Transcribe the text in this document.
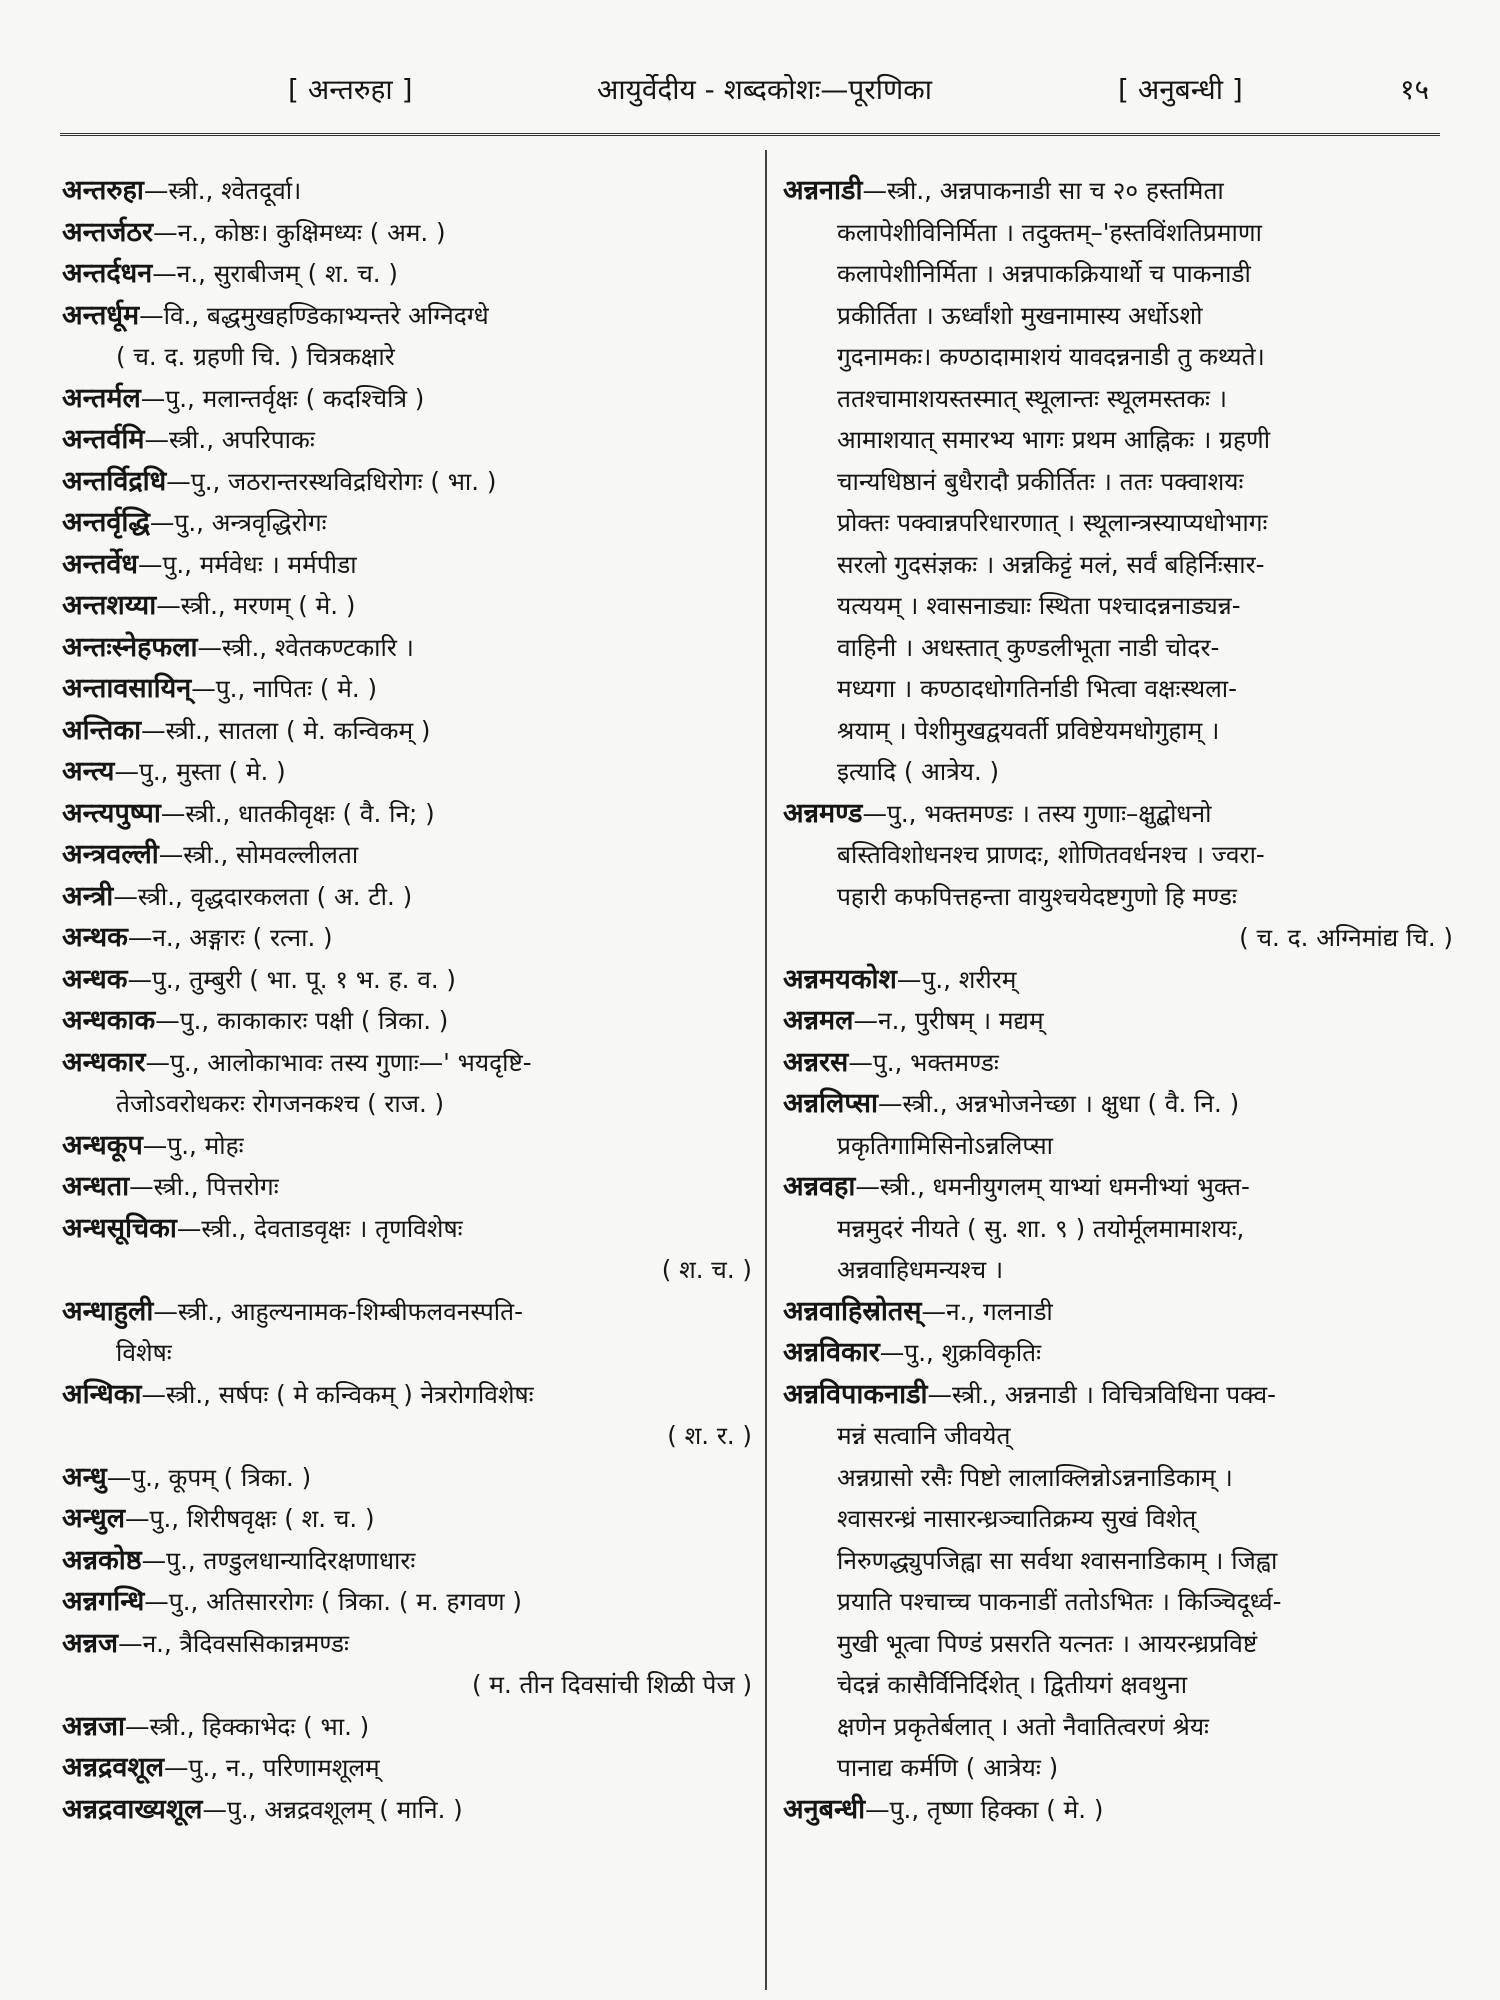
[ अन्तरुहा ]	आयुर्वेदीय - शब्दकोशः—पूरणिका	[ अनुबन्धी ]	१५
अन्तरुहा—स्त्री., श्वेतदूर्वा।
अन्तर्जठर—न., कोष्ठः। कुक्षिमध्यः ( अम. )
अन्तर्दधन—न., सुराबीजम् ( श. च. )
अन्तर्धूम—वि., बद्धमुखहण्डिकाभ्यन्तरे अग्निदग्धे
( च. द. ग्रहणी चि. ) चित्रकक्षारे
अन्तर्मल—पु., मलान्तर्वृक्षः ( कदश्चित्रि )
अन्तर्वमि—स्त्री., अपरिपाकः
अन्तर्विद्रधि—पु., जठरान्तरस्थविद्रधिरोगः ( भा. )
अन्तर्वृद्धि—पु., अन्त्रवृद्धिरोगः
अन्तर्वेध—पु., मर्मवेधः । मर्मपीडा
अन्तशय्या—स्त्री., मरणम् ( मे. )
अन्तःस्नेहफला—स्त्री., श्वेतकण्टकारि ।
अन्तावसायिन्—पु., नापितः ( मे. )
अन्तिका—स्त्री., सातला ( मे. कन्विकम् )
अन्त्य—पु., मुस्ता ( मे. )
अन्त्यपुष्पा—स्त्री., धातकीवृक्षः ( वै. नि; )
अन्त्रवल्ली—स्त्री., सोमवल्लीलता
अन्त्री—स्त्री., वृद्धदारकलता ( अ. टी. )
अन्थक—न., अङ्गारः ( रत्ना. )
अन्धक—पु., तुम्बुरी ( भा. पू. १ भ. ह. व. )
अन्धकाक—पु., काकाकारः पक्षी ( त्रिका. )
अन्धकार—पु., आलोकाभावः तस्य गुणाः—' भयदृष्टि-
तेजोऽवरोधकरः रोगजनकश्च ( राज. )
अन्धकूप—पु., मोहः
अन्धता—स्त्री., पित्तरोगः
अन्धसूचिका—स्त्री., देवताडवृक्षः । तृणविशेषः
( श. च. )
अन्धाहुली—स्त्री., आहुल्यनामक-शिम्बीफलवनस्पति-
विशेषः
अन्धिका—स्त्री., सर्षपः ( मे कन्विकम् ) नेत्ररोगविशेषः
( श. र. )
अन्धु—पु., कूपम् ( त्रिका. )
अन्धुल—पु., शिरीषवृक्षः ( श. च. )
अन्नकोष्ठ—पु., तण्डुलधान्यादिरक्षणाधारः
अन्नगन्धि—पु., अतिसाररोगः ( त्रिका. ( म. हगवण )
अन्नज—न., त्रैदिवससिकान्नमण्डः
( म. तीन दिवसांची शिळी पेज )
अन्नजा—स्त्री., हिक्काभेदः ( भा. )
अन्नद्रवशूल—पु., न., परिणामशूलम्
अन्नद्रवाख्यशूल—पु., अन्नद्रवशूलम् ( मानि. )
अन्ननाडी—स्त्री., अन्नपाकनाडी सा च २० हस्तमिता
कलापेशीविनिर्मिता । तदुक्तम्–'हस्तविंशतिप्रमाणा
कलापेशीनिर्मिता । अन्नपाकक्रियार्थो च पाकनाडी
प्रकीर्तिता । ऊर्ध्वांशो मुखनामास्य अर्धोऽशो
गुदनामकः। कण्ठादामाशयं यावदन्ननाडी तु कथ्यते।
ततश्चामाशयस्तस्मात् स्थूलान्तः स्थूलमस्तकः ।
आमाशयात् समारभ्य भागः प्रथम आह्निकः । ग्रहणी
चान्यधिष्ठानं बुधैरादौ प्रकीर्तितः । ततः पक्वाशयः
प्रोक्तः पक्वान्नपरिधारणात् । स्थूलान्त्रस्याप्यधोभागः
सरलो गुदसंज्ञकः । अन्नकिट्टं मलं, सर्वं बहिर्निःसार-
यत्ययम् । श्वासनाड्याः स्थिता पश्चादन्ननाड्यन्न-
वाहिनी । अधस्तात् कुण्डलीभूता नाडी चोदर-
मध्यगा । कण्ठादधोगतिर्नाडी भित्वा वक्षःस्थला-
श्रयाम् । पेशीमुखद्वयवर्ती प्रविष्टेयमधोगुहाम् ।
इत्यादि ( आत्रेय. )
अन्नमण्ड—पु., भक्तमण्डः । तस्य गुणाः–क्षुद्बोधनो
बस्तिविशोधनश्च प्राणदः, शोणितवर्धनश्च । ज्वरा-
पहारी कफपित्तहन्ता वायुश्चयेदष्टगुणो हि मण्डः
( च. द. अग्निमांद्य चि. )
अन्नमयकोश—पु., शरीरम्
अन्नमल—न., पुरीषम् । मद्यम्
अन्नरस—पु., भक्तमण्डः
अन्नलिप्सा—स्त्री., अन्नभोजनेच्छा । क्षुधा ( वै. नि. )
प्रकृतिगामिसिनोऽन्नलिप्सा
अन्नवहा—स्त्री., धमनीयुगलम् याभ्यां धमनीभ्यां भुक्त-
मन्नमुदरं नीयते ( सु. शा. ९ ) तयोर्मूलमामाशयः,
अन्नवाहिधमन्यश्च ।
अन्नवाहिस्रोतस्—न., गलनाडी
अन्नविकार—पु., शुक्रविकृतिः
अन्नविपाकनाडी—स्त्री., अन्ननाडी । विचित्रविधिना पक्व-
मन्नं सत्वानि जीवयेत्
अन्नग्रासो रसैः पिष्टो लालाक्लिन्नोऽन्ननाडिकाम् ।
श्वासरन्ध्रं नासारन्ध्रञ्चातिक्रम्य सुखं विशेत्
निरुणद्ध्युपजिह्वा सा सर्वथा श्वासनाडिकाम् । जिह्वा
प्रयाति पश्चाच्च पाकनाडीं ततोऽभितः । किञ्चिदूर्ध्व-
मुखी भूत्वा पिण्डं प्रसरति यत्नतः । आयरन्ध्रप्रविष्टं
चेदन्नं कासैर्विनिर्दिशेत् । द्वितीयगं क्षवथुना
क्षणेन प्रकृतेर्बलात् । अतो नैवातित्वरणं श्रेयः
पानाद्य कर्मणि ( आत्रेयः )
अनुबन्धी—पु., तृष्णा हिक्का ( मे. )
